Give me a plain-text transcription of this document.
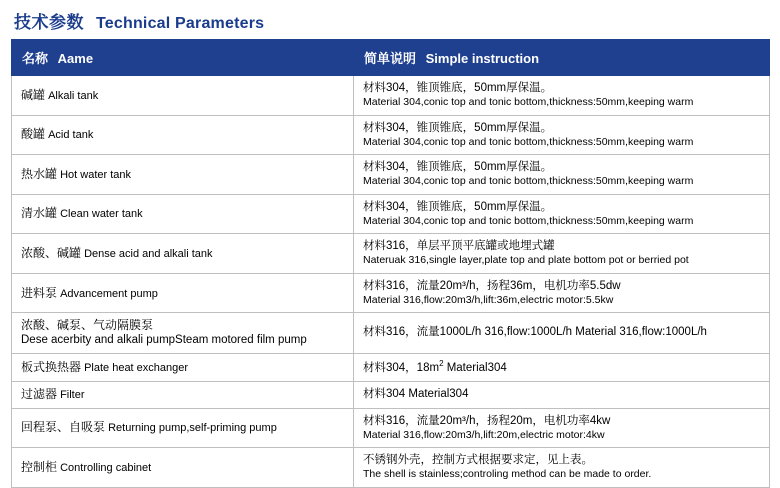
技术参数 Technical Parameters
名称 Aame	简单说明 Simple instruction
碱罐 Alkali tank	材料304，锥顶锥底，50mm厚保温。
Material 304,conic top and tonic bottom,thickness:50mm,keeping warm

酸罐 Acid tank	材料304，锥顶锥底，50mm厚保温。
Material 304,conic top and tonic bottom,thickness:50mm,keeping warm

热水罐 Hot water tank	材料304，锥顶锥底，50mm厚保温。
Material 304,conic top and tonic bottom,thickness:50mm,keeping warm

清水罐 Clean water tank	材料304，锥顶锥底，50mm厚保温。
Material 304,conic top and tonic bottom,thickness:50mm,keeping warm

浓酸、碱罐 Dense acid and alkali tank	材料316，单层平顶平底罐或地埋式罐
Nateruak 316,single layer,plate top and plate bottom pot or berried pot

进料泵 Advancement pump	材料316，流量20m³/h，扬程36m，电机功率5.5dw
Material 316,flow:20m3/h,lift:36m,electric motor:5.5kw

浓酸、碱泵、气动隔膜泵
Dese acerbity and alkali pumpSteam motored film pump	材料316，流量1000L/h 316,flow:1000L/h Material 316,flow:1000L/h

板式换热器 Plate heat exchanger	材料304，$18m^2$ Material304

过滤器 Filter	材料304 Material304

回程泵、自吸泵 Returning pump,self-priming pump	材料316，流量20m³/h，扬程20m，电机功率4kw
Material 316,flow:20m3/h,lift:20m,electric motor:4kw

控制柜 Controlling cabinet	不锈钢外壳，控制方式根据要求定，见上表。
The shell is stainless;controling method can be made to order.
